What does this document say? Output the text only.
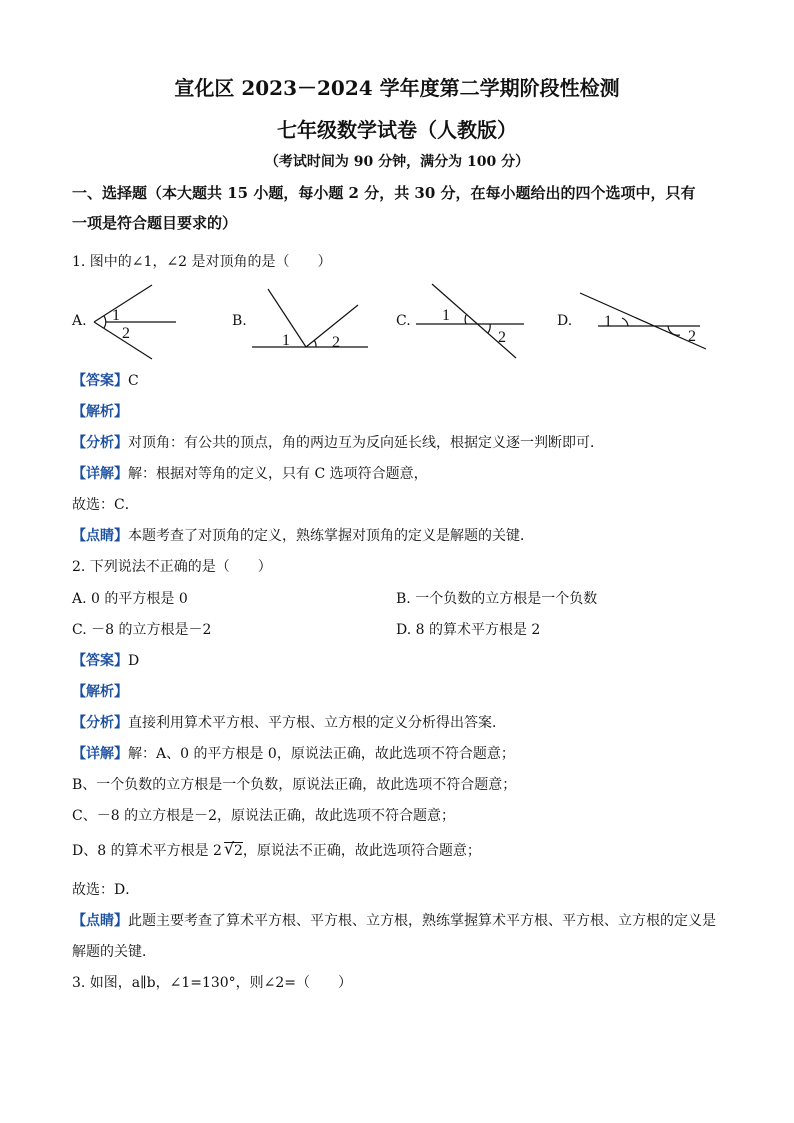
宣化区 2023－2024 学年度第二学期阶段性检测
七年级数学试卷（人教版）
（考试时间为 90 分钟，满分为 100 分）
一、选择题（本大题共 15 小题，每小题 2 分，共 30 分，在每小题给出的四个选项中，只有
一项是符合题目要求的）
1. 图中的∠1，∠2 是对顶角的是（　　）
A. 1
2
B.
1	2
C. 1
2
D. 1
2
【答案】C
【解析】
【分析】对顶角：有公共的顶点，角的两边互为反向延长线，根据定义逐一判断即可．
【详解】解：根据对等角的定义，只有 C 选项符合题意，
故选：C．
【点睛】本题考查了对顶角的定义，熟练掌握对顶角的定义是解题的关键．
2. 下列说法不正确的是（　　）
A. 0 的平方根是 0	B. 一个负数的立方根是一个负数
C. －8 的立方根是－2	D. 8 的算术平方根是 2
【答案】D
【解析】
【分析】直接利用算术平方根、平方根、立方根的定义分析得出答案．
【详解】解：A、0 的平方根是 0，原说法正确，故此选项不符合题意；
B、一个负数的立方根是一个负数，原说法正确，故此选项不符合题意；
C、－8 的立方根是－2，原说法正确，故此选项不符合题意；
D、8 的算术平方根是 2 √ 2，原说法不正确，故此选项符合题意；
故选：D．
【点睛】此题主要考查了算术平方根、平方根、立方根，熟练掌握算术平方根、平方根、立方根的定义是
解题的关键．
3. 如图，a∥b，∠1=130°，则∠2=（　　）
